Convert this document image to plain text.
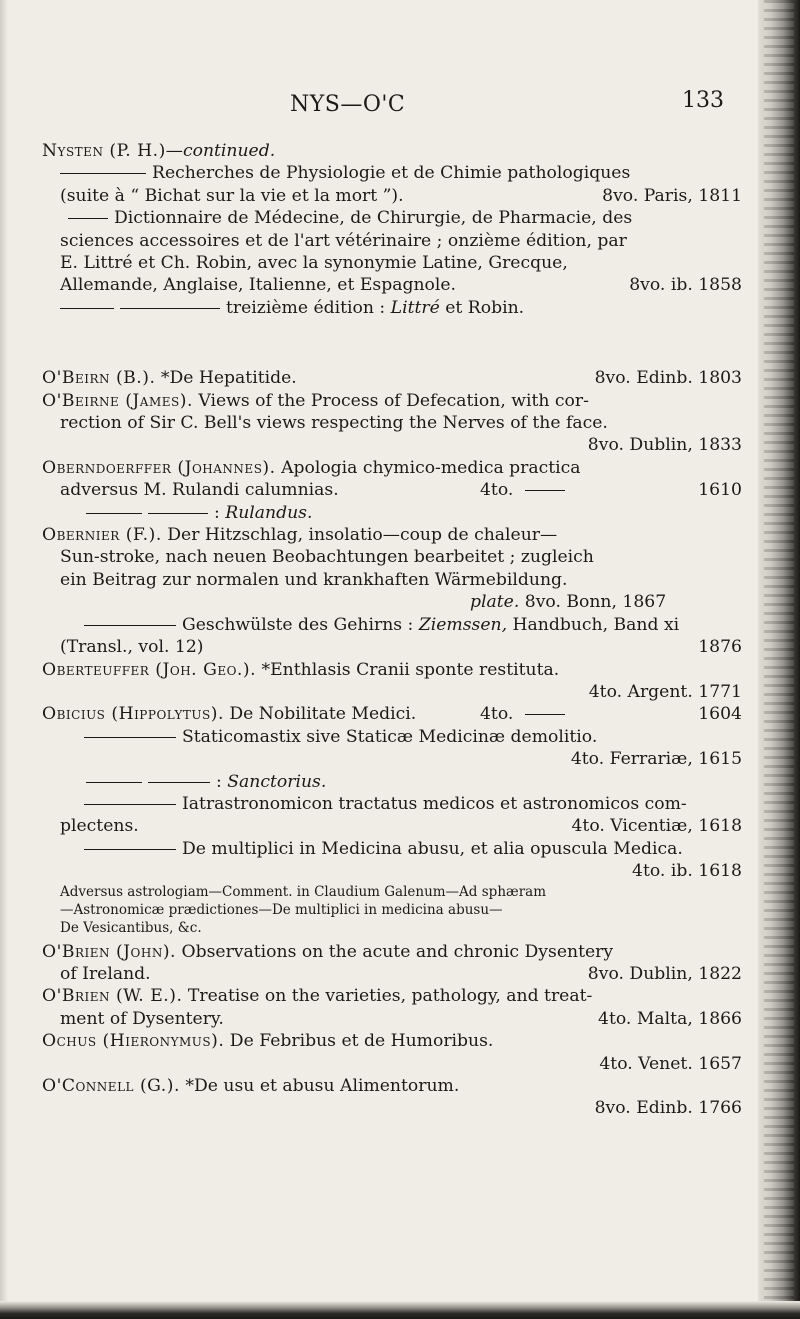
NYS—O'C	133
Nysten (P. H.)—continued.
Recherches de Physiologie et de Chimie pathologiques
(suite à “ Bichat sur la vie et la mort ”).	8vo. Paris, 1811
Dictionnaire de Médecine, de Chirurgie, de Pharmacie, des
sciences accessoires et de l'art vétérinaire ; onzième édition, par
E. Littré et Ch. Robin, avec la synonymie Latine, Grecque,
Allemande, Anglaise, Italienne, et Espagnole.	8vo. ib. 1858
treizième édition : Littré et Robin.
O'Beirn (B.). *De Hepatitide.	8vo. Edinb. 1803
O'Beirne (James). Views of the Process of Defecation, with cor-
rection of Sir C. Bell's views respecting the Nerves of the face.
8vo. Dublin, 1833
Oberndoerffer (Johannes). Apologia chymico-medica practica
adversus M. Rulandi calumnias.	4to.	1610
: Rulandus.
Obernier (F.). Der Hitzschlag, insolatio—coup de chaleur—
Sun-stroke, nach neuen Beobachtungen bearbeitet ; zugleich
ein Beitrag zur normalen und krankhaften Wärmebildung.
plate. 8vo. Bonn, 1867

Geschwülste des Gehirns : Ziemssen, Handbuch, Band xi
(Transl., vol. 12)	1876
Oberteuffer (Joh. Geo.). *Enthlasis Cranii sponte restituta.
4to. Argent. 1771
Obicius (Hippolytus). De Nobilitate Medici.	4to.	1604
Staticomastix sive Staticæ Medicinæ demolitio.
4to. Ferrariæ, 1615
: Sanctorius.
Iatrastronomicon tractatus medicos et astronomicos com-
plectens.	4to. Vicentiæ, 1618
De multiplici in Medicina abusu, et alia opuscula Medica.
4to. ib. 1618
Adversus astrologiam—Comment. in Claudium Galenum—Ad sphæram
—Astronomicæ prædictiones—De multiplici in medicina abusu—
De Vesicantibus, &c.
O'Brien (John). Observations on the acute and chronic Dysentery
of Ireland.	8vo. Dublin, 1822
O'Brien (W. E.). Treatise on the varieties, pathology, and treat-
ment of Dysentery.	4to. Malta, 1866
Ochus (Hieronymus). De Febribus et de Humoribus.
4to. Venet. 1657
O'Connell (G.). *De usu et abusu Alimentorum.
8vo. Edinb. 1766
